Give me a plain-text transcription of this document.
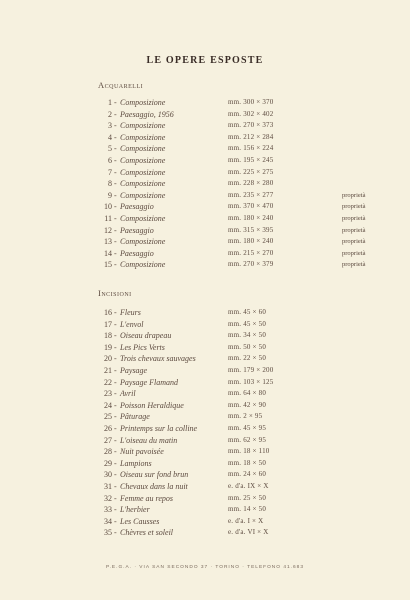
LE OPERE ESPOSTE
Acquarelli
1 - Composizione	mm. 300 × 370
2 - Paesaggio, 1956	mm. 302 × 402
3 - Composizione	mm. 270 × 373
4 - Composizione	mm. 212 × 284
5 - Composizione	mm. 156 × 224
6 - Composizione	mm. 195 × 245
7 - Composizione	mm. 225 × 275
8 - Composizione	mm. 228 × 280
9 - Composizione	mm. 235 × 277	proprietà
10 - Paesaggio	mm. 370 × 470	proprietà
11 - Composizione	mm. 180 × 240	proprietà
12 - Paesaggio	mm. 315 × 395	proprietà
13 - Composizione	mm. 180 × 240	proprietà
14 - Paesaggio	mm. 215 × 270	proprietà
15 - Composizione	mm. 270 × 379	proprietà
Incisioni
16 - Fleurs	mm. 45 × 60
17 - L'envol	mm. 45 × 50
18 - Oiseau drapeau	mm. 34 × 50
19 - Les Pics Verts	mm. 50 × 50
20 - Trois chevaux sauvages	mm. 22 × 50
21 - Paysage	mm. 179 × 200
22 - Paysage Flamand	mm. 103 × 125
23 - Avril	mm. 64 × 80
24 - Poisson Heraldique	mm. 42 × 90
25 - Pâturage	mm. 2 × 95
26 - Printemps sur la colline	mm. 45 × 95
27 - L'oiseau du matin	mm. 62 × 95
28 - Nuit pavoisée	mm. 18 × 110
29 - Lampions	mm. 18 × 50
30 - Oiseau sur fond brun	mm. 24 × 60
31 - Chevaux dans la nuit	e. d'a. IX × X
32 - Femme au repos	mm. 25 × 50
33 - L'herbier	mm. 14 × 50
34 - Les Causses	e. d'a. I × X
35 - Chèvres et soleil	e. d'a. VI × X
P.E.G.A. · VIA SAN SECONDO 37 · TORINO · TELEFONO 41.683
